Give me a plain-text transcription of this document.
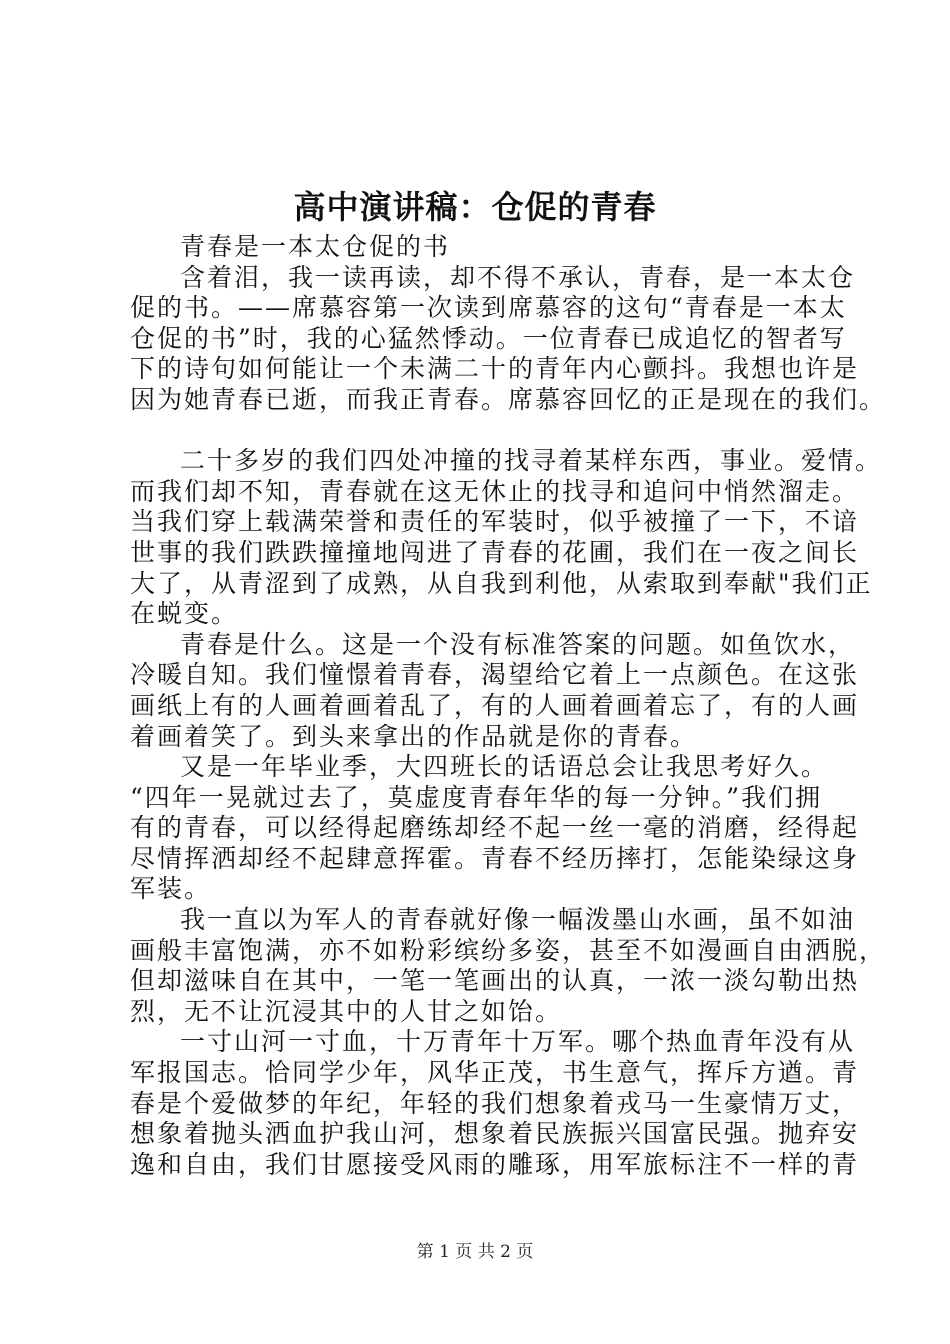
高中演讲稿：仓促的青春
青春是一本太仓促的书
含着泪，我一读再读，却不得不承认，青春，是一本太仓
促的书。——席慕容第一次读到席慕容的这句“青春是一本太
仓促的书”时，我的心猛然悸动。一位青春已成追忆的智者写
下的诗句如何能让一个未满二十的青年内心颤抖。我想也许是
因为她青春已逝，而我正青春。席慕容回忆的正是现在的我们。
二十多岁的我们四处冲撞的找寻着某样东西，事业。爱情。
而我们却不知，青春就在这无休止的找寻和追问中悄然溜走。
当我们穿上载满荣誉和责任的军装时，似乎被撞了一下，不谙
世事的我们跌跌撞撞地闯进了青春的花圃，我们在一夜之间长
大了，从青涩到了成熟，从自我到利他，从索取到奉献"我们正
在蜕变。
青春是什么。这是一个没有标准答案的问题。如鱼饮水，
冷暖自知。我们憧憬着青春，渴望给它着上一点颜色。在这张
画纸上有的人画着画着乱了，有的人画着画着忘了，有的人画
着画着笑了。到头来拿出的作品就是你的青春。
又是一年毕业季，大四班长的话语总会让我思考好久。
“四年一晃就过去了，莫虚度青春年华的每一分钟。”我们拥
有的青春，可以经得起磨练却经不起一丝一毫的消磨，经得起
尽情挥洒却经不起肆意挥霍。青春不经历摔打，怎能染绿这身
军装。
我一直以为军人的青春就好像一幅泼墨山水画，虽不如油
画般丰富饱满，亦不如粉彩缤纷多姿，甚至不如漫画自由洒脱，
但却滋味自在其中，一笔一笔画出的认真，一浓一淡勾勒出热
烈，无不让沉浸其中的人甘之如饴。
一寸山河一寸血，十万青年十万军。哪个热血青年没有从
军报国志。恰同学少年，风华正茂，书生意气，挥斥方遒。青
春是个爱做梦的年纪，年轻的我们想象着戎马一生豪情万丈，
想象着抛头洒血护我山河，想象着民族振兴国富民强。抛弃安
逸和自由，我们甘愿接受风雨的雕琢，用军旅标注不一样的青
第 1 页 共 2 页
